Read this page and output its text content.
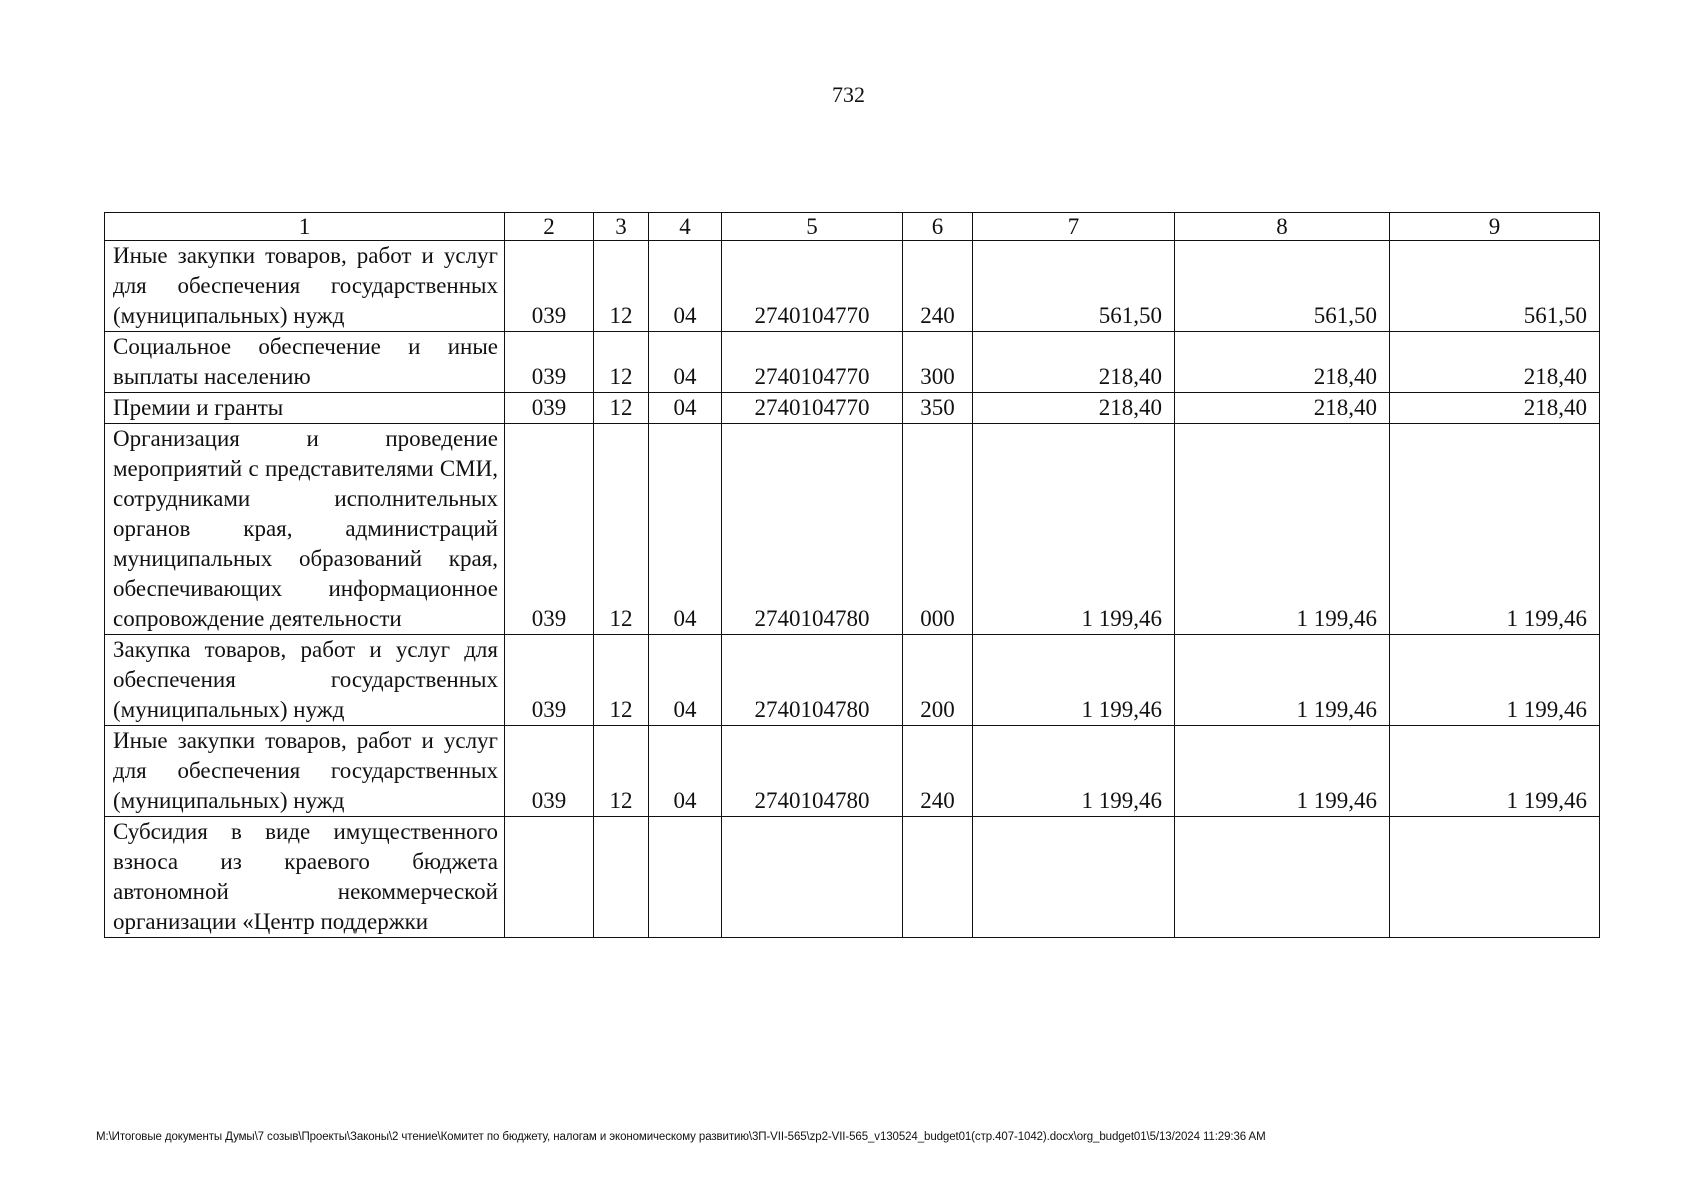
732
1	2	3	4	5	6	7	8	9
Иные закупки товаров, работ и услуг для обеспечения государственных (муниципальных) нужд	039	12	04	2740104770	240	561,50	561,50	561,50
Социальное обеспечение и иные выплаты населению	039	12	04	2740104770	300	218,40	218,40	218,40
Премии и гранты	039	12	04	2740104770	350	218,40	218,40	218,40
Организация и проведение мероприятий с представителями СМИ, сотрудниками исполнительных органов края, администраций муниципальных образований края, обеспечивающих информационное сопровождение деятельности	039	12	04	2740104780	000	1 199,46	1 199,46	1 199,46
Закупка товаров, работ и услуг для обеспечения государственных (муниципальных) нужд	039	12	04	2740104780	200	1 199,46	1 199,46	1 199,46
Иные закупки товаров, работ и услуг для обеспечения государственных (муниципальных) нужд	039	12	04	2740104780	240	1 199,46	1 199,46	1 199,46
Субсидия в виде имущественного взноса из краевого бюджета автономной некоммерческой организации «Центр поддержки								
M:\Итоговые документы Думы\7 созыв\Проекты\Законы\2 чтение\Комитет по бюджету, налогам и экономическому развитию\3П-VII-565\zp2-VII-565_v130524_budget01(стр.407-1042).docx\org_budget01\5/13/2024 11:29:36 AM
